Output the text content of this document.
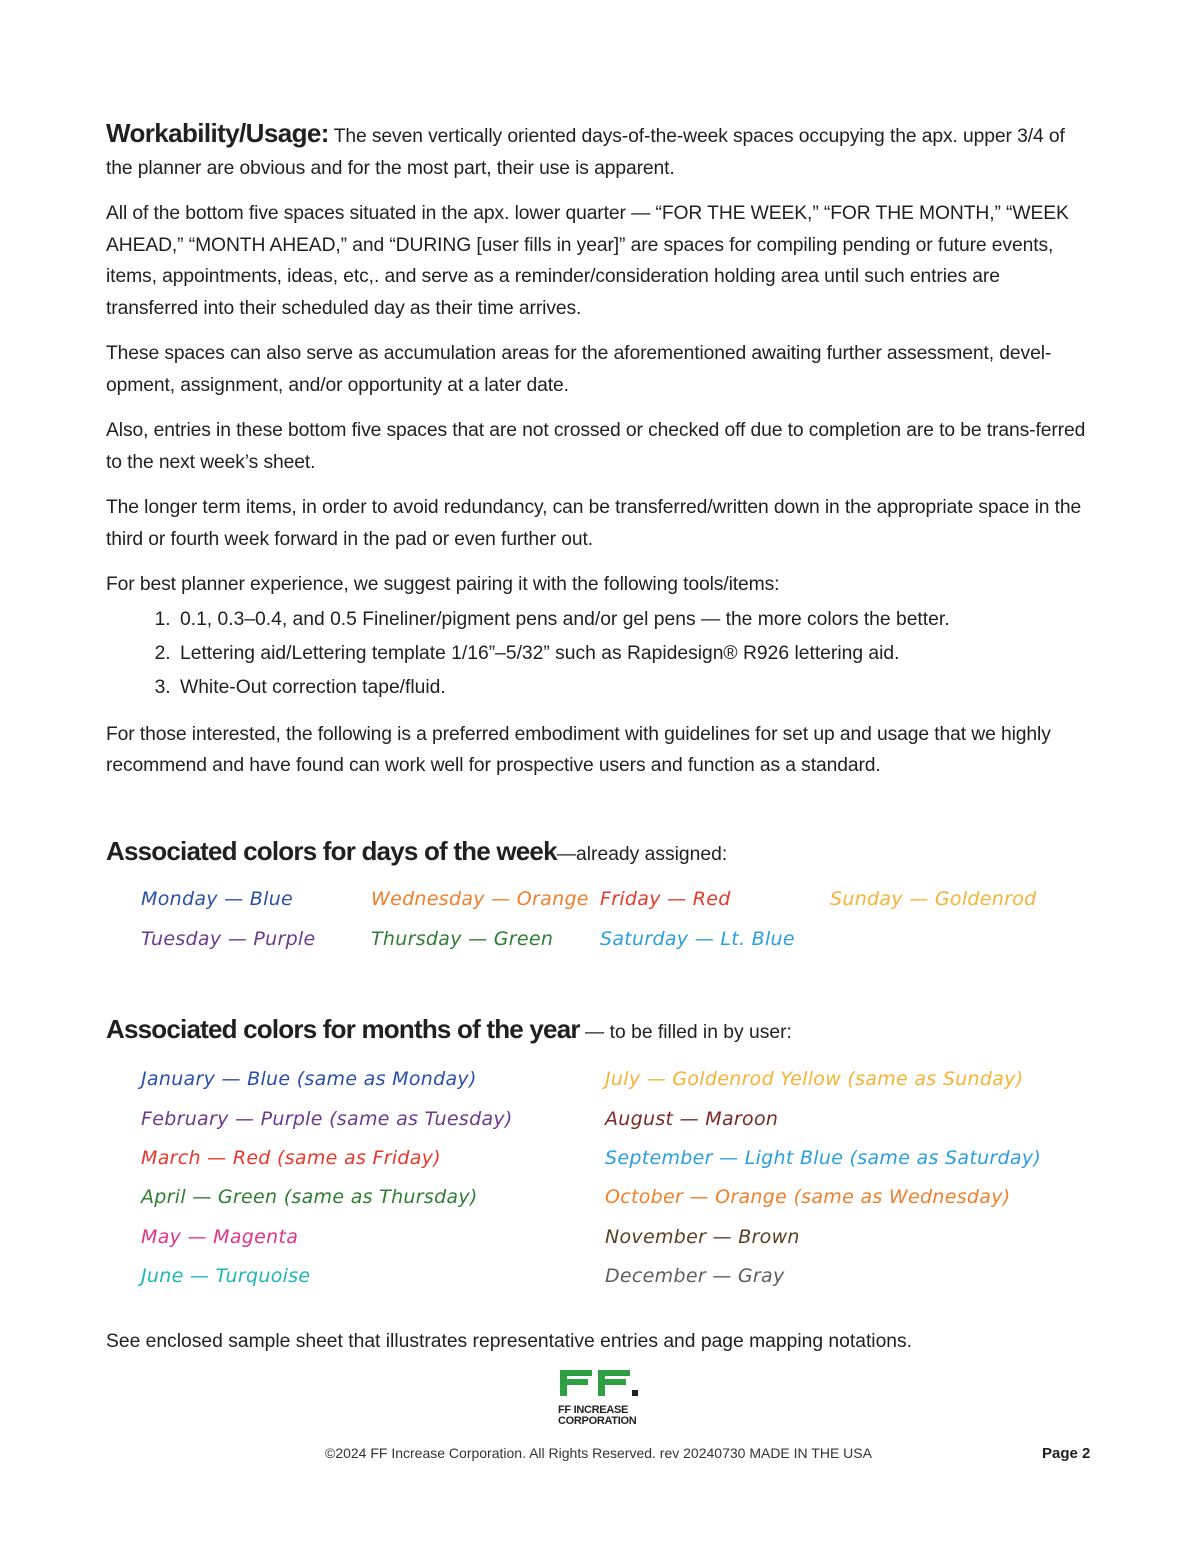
Workability/Usage: The seven vertically oriented days-of-the-week spaces occupying the apx. upper 3/4 of the planner are obvious and for the most part, their use is apparent.

All of the bottom five spaces situated in the apx. lower quarter — “FOR THE WEEK,” “FOR THE MONTH,” “WEEK AHEAD,” “MONTH AHEAD,” and “DURING [user fills in year]” are spaces for compiling pending or future events, items, appointments, ideas, etc,. and serve as a reminder/consideration holding area until such entries are transferred into their scheduled day as their time arrives.

These spaces can also serve as accumulation areas for the aforementioned awaiting further assessment, devel-opment, assignment, and/or opportunity at a later date.

Also, entries in these bottom five spaces that are not crossed or checked off due to completion are to be trans-ferred to the next week’s sheet.

The longer term items, in order to avoid redundancy, can be transferred/written down in the appropriate space in the third or fourth week forward in the pad or even further out.

For best planner experience, we suggest pairing it with the following tools/items:

1. 0.1, 0.3–0.4, and 0.5 Fineliner/pigment pens and/or gel pens — the more colors the better.
2. Lettering aid/Lettering template 1/16”–5/32” such as Rapidesign® R926 lettering aid.
3. White-Out correction tape/fluid.

For those interested, the following is a preferred embodiment with guidelines for set up and usage that we highly recommend and have found can work well for prospective users and function as a standard.

Associated colors for days of the week—already assigned:
Monday — Blue
Tuesday — Purple
Wednesday — Orange
Thursday — Green
Friday — Red
Saturday — Lt. Blue
Sunday — Goldenrod
Associated colors for months of the year — to be filled in by user:
January — Blue (same as Monday)
February — Purple (same as Tuesday)
March — Red (same as Friday)
April — Green (same as Thursday)
May — Magenta
June — Turquoise
July — Goldenrod Yellow (same as Sunday)
August — Maroon
September — Light Blue (same as Saturday)
October — Orange (same as Wednesday)
November — Brown
December — Gray

See enclosed sample sheet that illustrates representative entries and page mapping notations.

FF INCREASE
CORPORATION
©2024 FF Increase Corporation. All Rights Reserved. rev 20240730 MADE IN THE USA	Page 2
